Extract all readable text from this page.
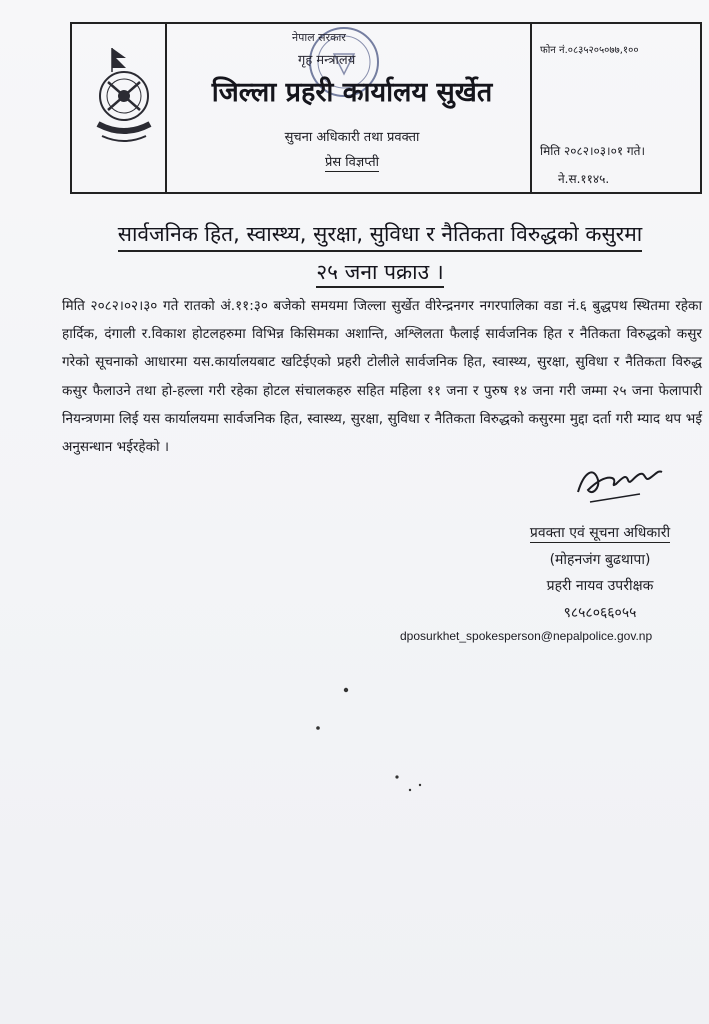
नेपाल सरकार
गृह मन्त्रालय
जिल्ला प्रहरी कार्यालय सुर्खेत
सुचना अधिकारी तथा प्रवक्ता
प्रेस विज्ञप्ती
फोन नं.०८३५२०५०७७,१००
मिति २०८२।०३।०१ गते।
ने.स.११४५.
सार्वजनिक हित, स्वास्थ्य, सुरक्षा, सुविधा र नैतिकता विरुद्धको कसुरमा
२५ जना पक्राउ ।
मिति २०८२।०२।३० गते रातको अं.११:३० बजेको समयमा जिल्ला सुर्खेत वीरेन्द्रनगर नगरपालिका वडा नं.६ बुद्धपथ स्थितमा रहेका हार्दिक, दंगाली र.विकाश होटलहरुमा विभिन्न किसिमका अशान्ति, अश्लिलता फैलाई सार्वजनिक हित र नैतिकता विरुद्धको कसुर गरेको सूचनाको आधारमा यस.कार्यालयबाट खटिईएको प्रहरी टोलीले सार्वजनिक हित, स्वास्थ्य, सुरक्षा, सुविधा र नैतिकता विरुद्ध कसुर फैलाउने तथा हो-हल्ला गरी रहेका होटल संचालकहरु सहित महिला ११ जना र पुरुष १४ जना गरी जम्मा २५ जना फेलापारी नियन्त्रणमा लिई यस कार्यालयमा सार्वजनिक हित, स्वास्थ्य, सुरक्षा, सुविधा र नैतिकता विरुद्धको कसुरमा मुद्दा दर्ता गरी म्याद थप भई अनुसन्धान भईरहेको ।
प्रवक्ता एवं सूचना अधिकारी
(मोहनजंग बुढथापा)
प्रहरी नायव उपरीक्षक
९८५८०६६०५५
dposurkhet_spokesperson@nepalpolice.gov.np
